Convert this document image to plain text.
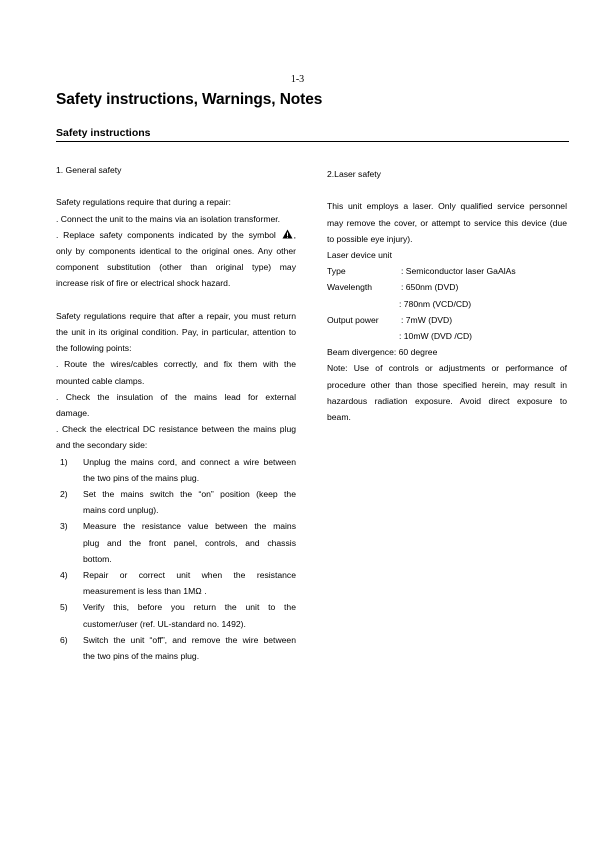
1-3
Safety instructions, Warnings, Notes
Safety instructions

1. General safety

Safety regulations require that during a repair:

. Connect the unit to the mains via an isolation transformer.

. Replace safety components indicated by the symbol ,

only by components identical to the original ones. Any other

component substitution (other than original type) may

increase risk of fire or electrical shock hazard.

Safety regulations require that after a repair, you must return

the unit in its original condition. Pay, in particular, attention to

the following points:

. Route the wires/cables correctly, and fix them with the

mounted cable clamps.

. Check the insulation of the mains lead for external

damage.

. Check the electrical DC resistance between the mains plug

and the secondary side:

1) Unplug the mains cord, and connect a wire between
the two pins of the mains plug.
2) Set the mains switch the “on” position (keep the
mains cord unplug).
3) Measure the resistance value between the mains
plug and the front panel, controls, and chassis
bottom.
4) Repair or correct unit when the resistance
measurement is less than 1MΩ .
5) Verify this, before you return the unit to the
customer/user (ref. UL-standard no. 1492).
6) Switch the unit “off”, and remove the wire between
the two pins of the mains plug.

2.Laser safety

This unit employs a laser. Only qualified service personnel

may remove the cover, or attempt to service this device (due

to possible eye injury).

Laser device unit

Type	: Semiconductor laser GaAlAs
Wavelength	: 650nm (DVD)

: 780nm (VCD/CD)

Output power	: 7mW (DVD)

: 10mW (DVD /CD)

Beam divergence: 60 degree

Note: Use of controls or adjustments or performance of

procedure other than those specified herein, may result in

hazardous radiation exposure. Avoid direct exposure to

beam.
